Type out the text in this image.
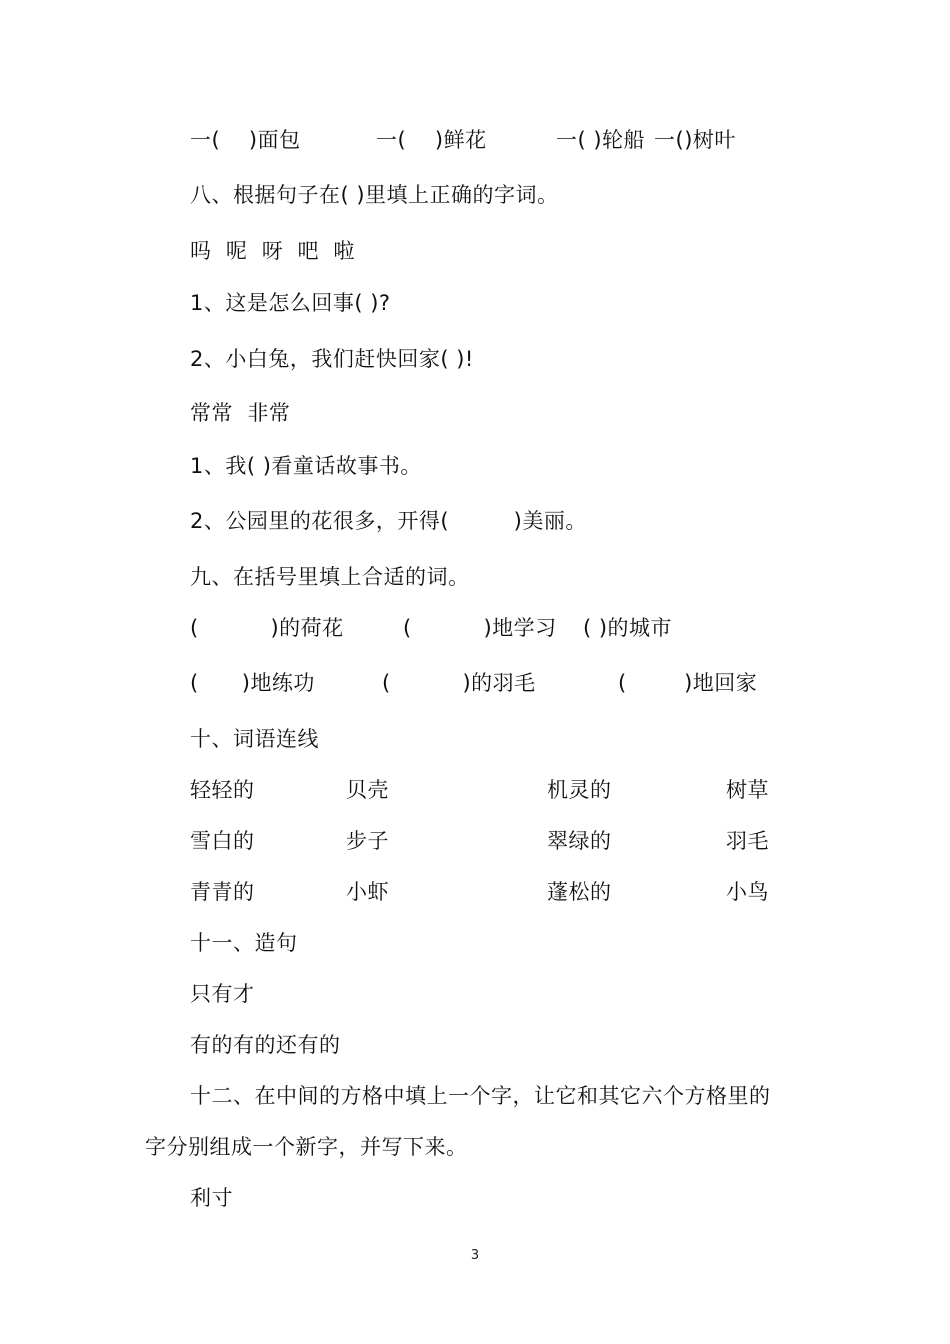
一(    )面包	一(    )鲜花	一( )轮船 一()树叶
八、根据句子在( )里填上正确的字词。
吗  呢  呀  吧  啦
1、这是怎么回事( )?
2、小白兔，我们赶快回家( )!
常常  非常
1、我( )看童话故事书。
2、公园里的花很多，开得(         )美丽。
九、在括号里填上合适的词。
(          )的荷花	(          )地学习 ( )的城市
(      )地练功	(          )的羽毛	(        )地回家
十、词语连线
轻轻的	贝壳	机灵的	树草
雪白的	步子	翠绿的	羽毛
青青的	小虾	蓬松的	小鸟
十一、造句
只有才
有的有的还有的
十二、在中间的方格中填上一个字，让它和其它六个方格里的
字分别组成一个新字，并写下来。
利寸
3
